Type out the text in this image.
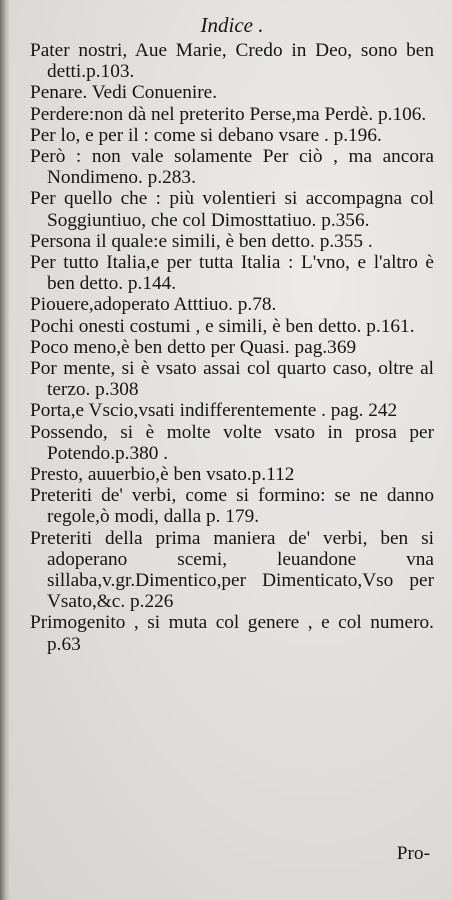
Indice .

Pater nostri, Aue Marie, Credo in Deo, sono ben detti.p.103.

Penare. Vedi Conuenire.

Perdere:non dà nel preterito Perse,ma Perdè. p.106.

Per lo, e per il : come si debano vsare . p.196.

Però : non vale solamente Per ciò , ma ancora Nondimeno. p.283.

Per quello che : più volentieri si accompagna col Soggiuntiuo, che col Dimosttatiuo. p.356.

Persona il quale:e simili, è ben detto. p.355 .

Per tutto Italia,e per tutta Italia : L'vno, e l'altro è ben detto. p.144.

Piouere,adoperato Atttiuo. p.78.

Pochi onesti costumi , e simili, è ben detto. p.161.

Poco meno,è ben detto per Quasi. pag.369

Por mente, si è vsato assai col quarto caso, oltre al terzo. p.308

Porta,e Vscio,vsati indifferentemente . pag. 242

Possendo, si è molte volte vsato in prosa per Potendo.p.380 .

Presto, auuerbio,è ben vsato.p.112

Preteriti de' verbi, come si formino: se ne danno regole,ò modi, dalla p. 179.

Preteriti della prima maniera de' verbi, ben si adoperano scemi, leuandone vna sillaba,v.gr.Dimentico,per Dimenticato,Vso per Vsato,&c. p.226

Primogenito , si muta col genere , e col numero. p.63

Pro-
